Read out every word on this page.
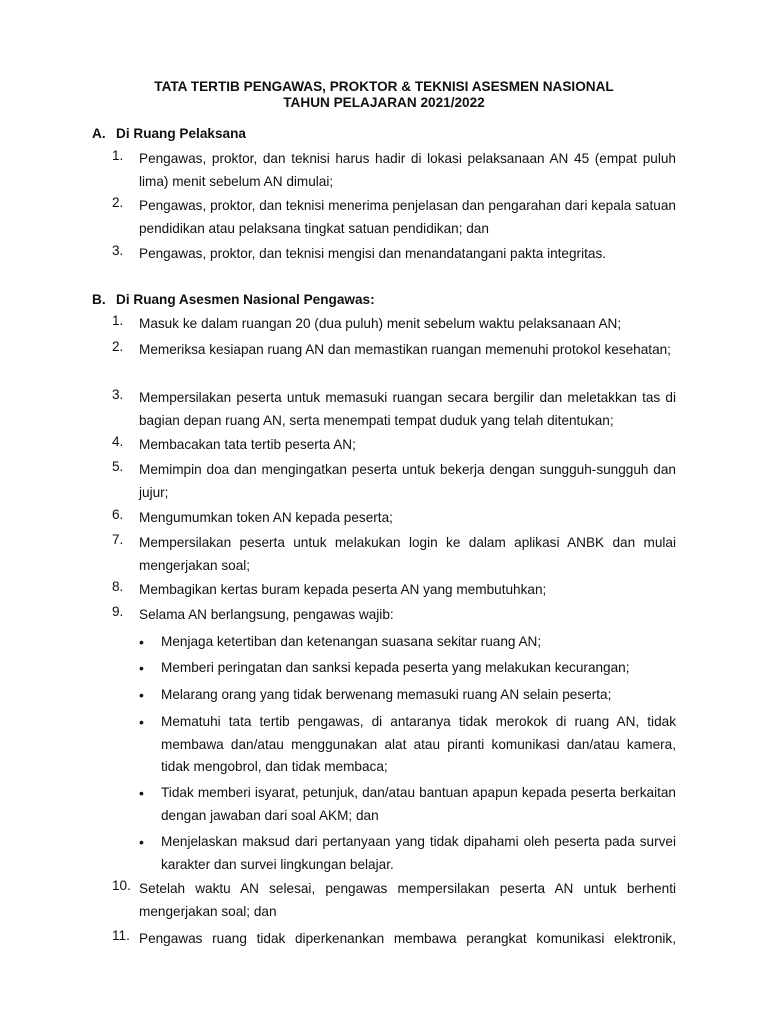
TATA TERTIB PENGAWAS, PROKTOR & TEKNISI ASESMEN NASIONAL
TAHUN PELAJARAN 2021/2022
A. Di Ruang Pelaksana
1. Pengawas, proktor, dan teknisi harus hadir di lokasi pelaksanaan AN 45 (empat puluh lima) menit sebelum AN dimulai;
2. Pengawas, proktor, dan teknisi menerima penjelasan dan pengarahan dari kepala satuan pendidikan atau pelaksana tingkat satuan pendidikan; dan
3. Pengawas, proktor, dan teknisi mengisi dan menandatangani pakta integritas.
B. Di Ruang Asesmen Nasional Pengawas:
1. Masuk ke dalam ruangan 20 (dua puluh) menit sebelum waktu pelaksanaan AN;
2. Memeriksa kesiapan ruang AN dan memastikan ruangan memenuhi protokol kesehatan;
3. Mempersilakan peserta untuk memasuki ruangan secara bergilir dan meletakkan tas di bagian depan ruang AN, serta menempati tempat duduk yang telah ditentukan;
4. Membacakan tata tertib peserta AN;
5. Memimpin doa dan mengingatkan peserta untuk bekerja dengan sungguh-sungguh dan jujur;
6. Mengumumkan token AN kepada peserta;
7. Mempersilakan peserta untuk melakukan login ke dalam aplikasi ANBK dan mulai mengerjakan soal;
8. Membagikan kertas buram kepada peserta AN yang membutuhkan;
9. Selama AN berlangsung, pengawas wajib:
• Menjaga ketertiban dan ketenangan suasana sekitar ruang AN;
• Memberi peringatan dan sanksi kepada peserta yang melakukan kecurangan;
• Melarang orang yang tidak berwenang memasuki ruang AN selain peserta;
• Mematuhi tata tertib pengawas, di antaranya tidak merokok di ruang AN, tidak membawa dan/atau menggunakan alat atau piranti komunikasi dan/atau kamera, tidak mengobrol, dan tidak membaca;
• Tidak memberi isyarat, petunjuk, dan/atau bantuan apapun kepada peserta berkaitan dengan jawaban dari soal AKM; dan
• Menjelaskan maksud dari pertanyaan yang tidak dipahami oleh peserta pada survei karakter dan survei lingkungan belajar.
10. Setelah waktu AN selesai, pengawas mempersilakan peserta AN untuk berhenti mengerjakan soal; dan
11. Pengawas ruang tidak diperkenankan membawa perangkat komunikasi elektronik,
